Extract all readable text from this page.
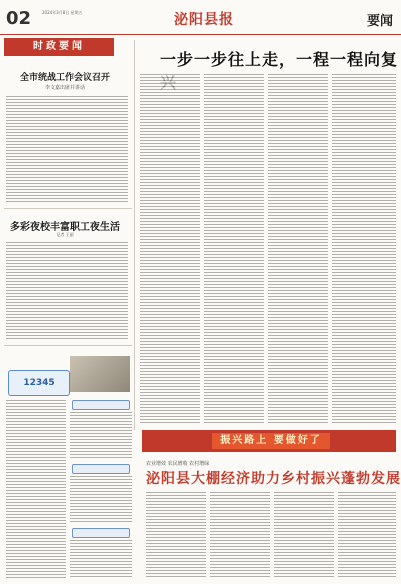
02	2024年3月8日 星期五	泌阳县报	要闻
时政要闻
一步一步往上走，一程一程向复
全市统战工作会议召开
李文嘉出席并讲话
多彩夜校丰富职工夜生活
记者 王丽
12345
振兴路上 要做好了
农业增效 农民增收 农村增绿
泌阳县大棚经济助力乡村振兴蓬勃发展
